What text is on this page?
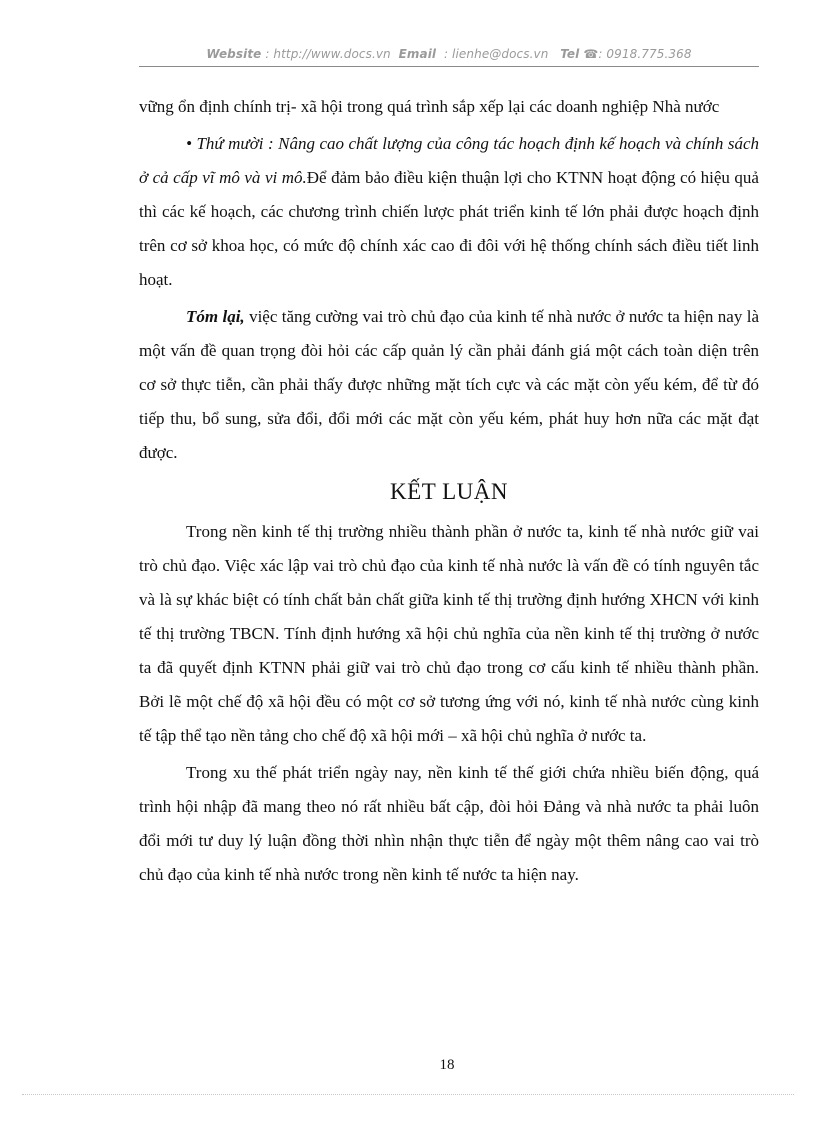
Website : http://www.docs.vn Email : lienhe@docs.vn Tel ☎: 0918.775.368

vững ổn định chính trị- xã hội trong quá trình sắp xếp lại các doanh nghiệp Nhà nước

• Thứ mười : Nâng cao chất lượng của công tác hoạch định kế hoạch và chính sách ở cả cấp vĩ mô và vi mô.Để đảm bảo điều kiện thuận lợi cho KTNN hoạt động có hiệu quả thì các kế hoạch, các chương trình chiến lược phát triển kinh tế lớn phải được hoạch định trên cơ sở khoa học, có mức độ chính xác cao đi đôi với hệ thống chính sách điều tiết linh hoạt.

Tóm lại, việc tăng cường vai trò chủ đạo của kinh tế nhà nước ở nước ta hiện nay là một vấn đề quan trọng đòi hỏi các cấp quản lý cần phải đánh giá một cách toàn diện trên cơ sở thực tiễn, cần phải thấy được những mặt tích cực và các mặt còn yếu kém, để từ đó tiếp thu, bổ sung, sửa đổi, đổi mới các mặt còn yếu kém, phát huy hơn nữa các mặt đạt được.

KẾT LUẬN

Trong nền kinh tế thị trường nhiều thành phần ở nước ta, kinh tế nhà nước giữ vai trò chủ đạo. Việc xác lập vai trò chủ đạo của kinh tế nhà nước là vấn đề có tính nguyên tắc và là sự khác biệt có tính chất bản chất giữa kinh tế thị trường định hướng XHCN với kinh tế thị trường TBCN. Tính định hướng xã hội chủ nghĩa của nền kinh tế thị trường ở nước ta đã quyết định KTNN phải giữ vai trò chủ đạo trong cơ cấu kinh tế nhiều thành phần. Bởi lẽ một chế độ xã hội đều có một cơ sở tương ứng với nó, kinh tế nhà nước cùng kinh tế tập thể tạo nền tảng cho chế độ xã hội mới – xã hội chủ nghĩa ở nước ta.

Trong xu thế phát triển ngày nay, nền kinh tế thế giới chứa nhiều biến động, quá trình hội nhập đã mang theo nó rất nhiều bất cập, đòi hỏi Đảng và nhà nước ta phải luôn đổi mới tư duy lý luận đồng thời nhìn nhận thực tiễn để ngày một thêm nâng cao vai trò chủ đạo của kinh tế nhà nước trong nền kinh tế nước ta hiện nay.

18
